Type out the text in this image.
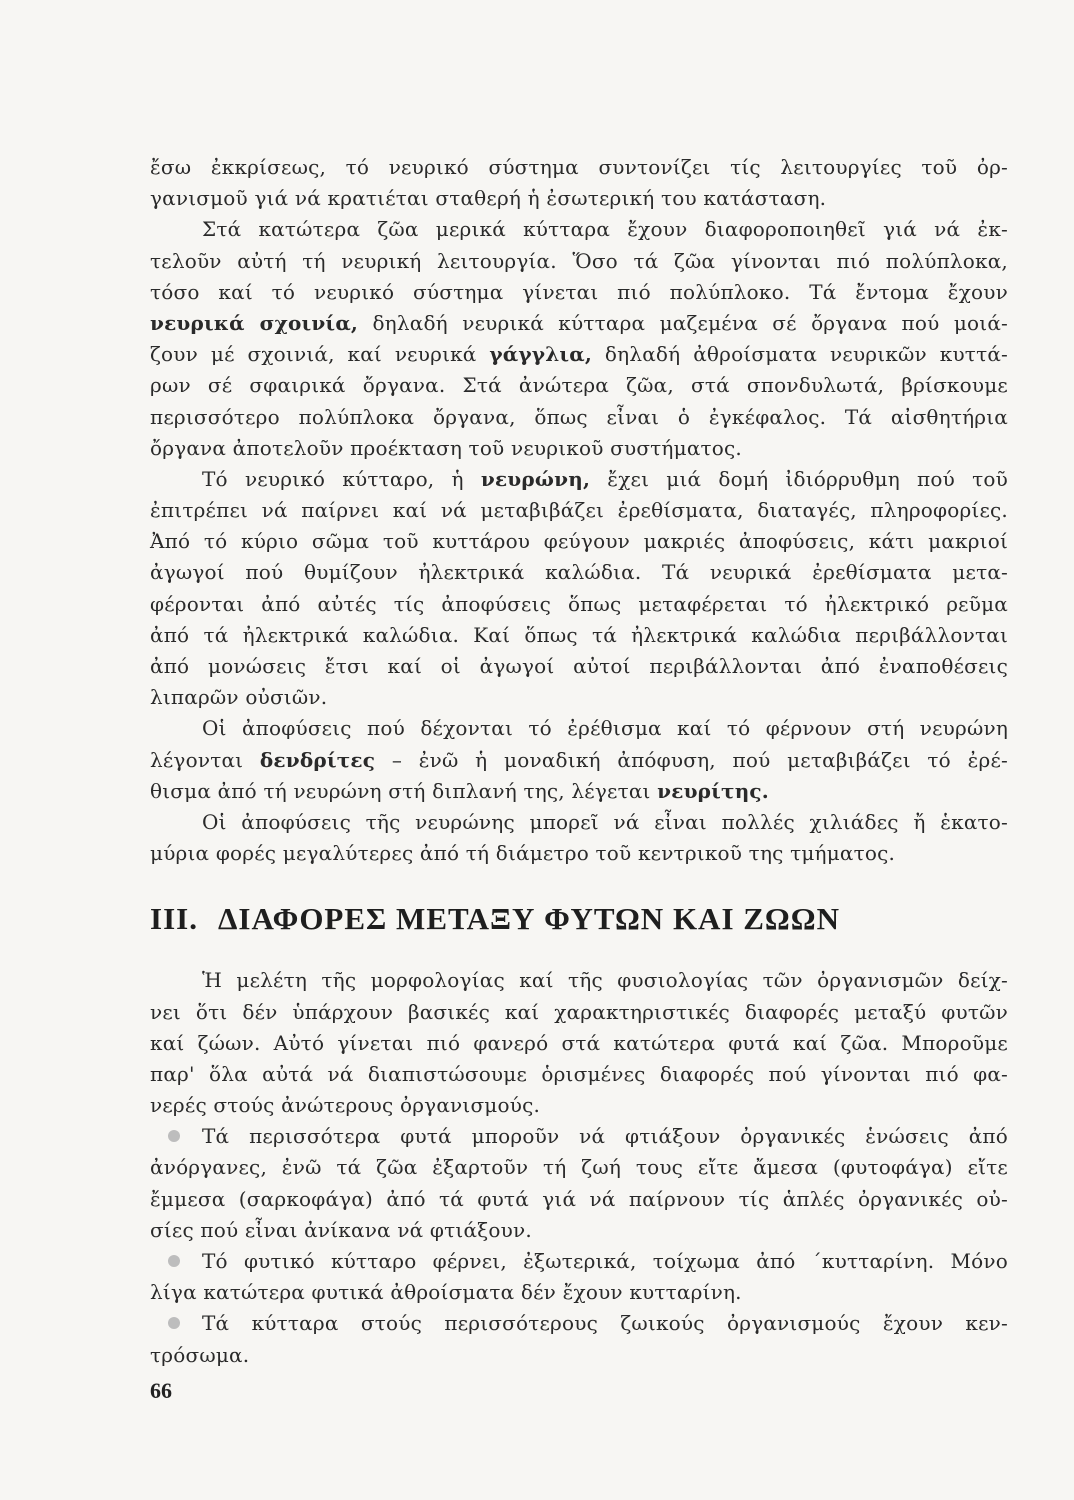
ἔσω ἐκκρίσεως, τό νευρικό σύστημα συντονίζει τίς λειτουργίες τοῦ ὀρ-
γανισμοῦ γιά νά κρατιέται σταθερή ἡ ἐσωτερική του κατάσταση.
Στά κατώτερα ζῶα μερικά κύτταρα ἔχουν διαφοροποιηθεῖ γιά νά ἐκ-
τελοῦν αὐτή τή νευρική λειτουργία. Ὅσο τά ζῶα γίνονται πιό πολύπλοκα,
τόσο καί τό νευρικό σύστημα γίνεται πιό πολύπλοκο. Τά ἔντομα ἔχουν
νευρικά σχοινία, δηλαδή νευρικά κύτταρα μαζεμένα σέ ὄργανα πού μοιά-
ζουν μέ σχοινιά, καί νευρικά γάγγλια, δηλαδή ἀθροίσματα νευρικῶν κυττά-
ρων σέ σφαιρικά ὄργανα. Στά ἀνώτερα ζῶα, στά σπονδυλωτά, βρίσκουμε
περισσότερο πολύπλοκα ὄργανα, ὅπως εἶναι ὁ ἐγκέφαλος. Τά αἰσθητήρια
ὄργανα ἀποτελοῦν προέκταση τοῦ νευρικοῦ συστήματος.
Τό νευρικό κύτταρο, ἡ νευρώνη, ἔχει μιά δομή ἰδιόρρυθμη πού τοῦ
ἐπιτρέπει νά παίρνει καί νά μεταβιβάζει ἐρεθίσματα, διαταγές, πληροφορίες.
Ἀπό τό κύριο σῶμα τοῦ κυττάρου φεύγουν μακριές ἀποφύσεις, κάτι μακριοί
ἀγωγοί πού θυμίζουν ἠλεκτρικά καλώδια. Τά νευρικά ἐρεθίσματα μετα-
φέρονται ἀπό αὐτές τίς ἀποφύσεις ὅπως μεταφέρεται τό ἠλεκτρικό ρεῦμα
ἀπό τά ἠλεκτρικά καλώδια. Καί ὅπως τά ἠλεκτρικά καλώδια περιβάλλονται
ἀπό μονώσεις ἔτσι καί οἱ ἀγωγοί αὐτοί περιβάλλονται ἀπό ἐναποθέσεις
λιπαρῶν οὐσιῶν.
Οἱ ἀποφύσεις πού δέχονται τό ἐρέθισμα καί τό φέρνουν στή νευρώνη
λέγονται δενδρίτες – ἐνῶ ἡ μοναδική ἀπόφυση, πού μεταβιβάζει τό ἐρέ-
θισμα ἀπό τή νευρώνη στή διπλανή της, λέγεται νευρίτης.
Οἱ ἀποφύσεις τῆς νευρώνης μπορεῖ νά εἶναι πολλές χιλιάδες ἤ ἑκατο-
μύρια φορές μεγαλύτερες ἀπό τή διάμετρο τοῦ κεντρικοῦ της τμήματος.
III. ΔΙΑΦΟΡΕΣ ΜΕΤΑΞΥ ΦΥΤΩΝ ΚΑΙ ΖΩΩΝ
Ἡ μελέτη τῆς μορφολογίας καί τῆς φυσιολογίας τῶν ὀργανισμῶν δείχ-
νει ὅτι δέν ὑπάρχουν βασικές καί χαρακτηριστικές διαφορές μεταξύ φυτῶν
καί ζώων. Αὐτό γίνεται πιό φανερό στά κατώτερα φυτά καί ζῶα. Μποροῦμε
παρ' ὅλα αὐτά νά διαπιστώσουμε ὁρισμένες διαφορές πού γίνονται πιό φα-
νερές στούς ἀνώτερους ὀργανισμούς.
Τά περισσότερα φυτά μποροῦν νά φτιάξουν ὀργανικές ἑνώσεις ἀπό
ἀνόργανες, ἐνῶ τά ζῶα ἐξαρτοῦν τή ζωή τους εἴτε ἄμεσα (φυτοφάγα) εἴτε
ἔμμεσα (σαρκοφάγα) ἀπό τά φυτά γιά νά παίρνουν τίς ἁπλές ὀργανικές οὐ-
σίες πού εἶναι ἀνίκανα νά φτιάξουν.
Τό φυτικό κύτταρο φέρνει, ἐξωτερικά, τοίχωμα ἀπό ´κυτταρίνη. Μόνο
λίγα κατώτερα φυτικά ἀθροίσματα δέν ἔχουν κυτταρίνη.
Τά κύτταρα στούς περισσότερους ζωικούς ὀργανισμούς ἔχουν κεν-
τρόσωμα.
66
